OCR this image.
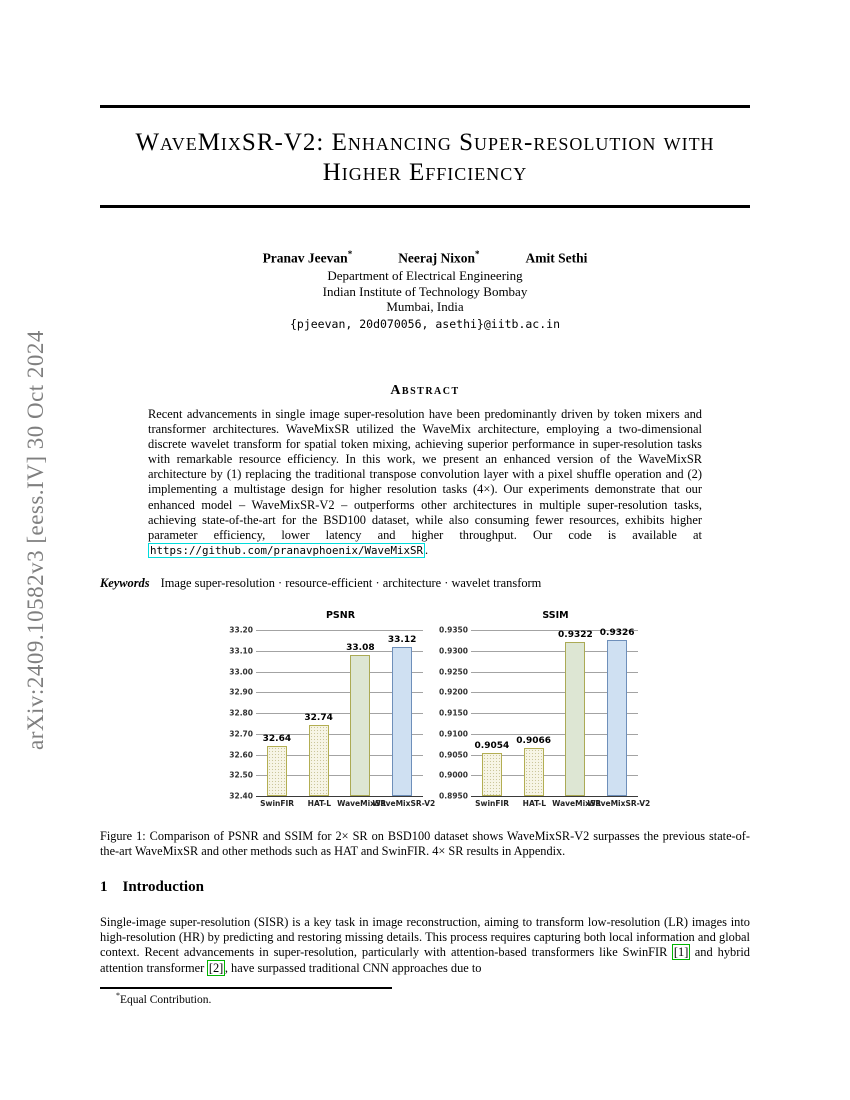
arXiv:2409.10582v3 [eess.IV] 30 Oct 2024
WaveMixSR-V2: Enhancing Super-resolution with
Higher Efficiency
Pranav Jeevan*	Neeraj Nixon*	Amit Sethi
Department of Electrical Engineering
Indian Institute of Technology Bombay
Mumbai, India
{pjeevan, 20d070056, asethi}@iitb.ac.in
Abstract
Recent advancements in single image super-resolution have been predominantly driven by token mixers and transformer architectures. WaveMixSR utilized the WaveMix architecture, employing a two-dimensional discrete wavelet transform for spatial token mixing, achieving superior performance in super-resolution tasks with remarkable resource efficiency. In this work, we present an enhanced version of the WaveMixSR architecture by (1) replacing the traditional transpose convolution layer with a pixel shuffle operation and (2) implementing a multistage design for higher resolution tasks (4×). Our experiments demonstrate that our enhanced model – WaveMixSR-V2 – outperforms other architectures in multiple super-resolution tasks, achieving state-of-the-art for the BSD100 dataset, while also consuming fewer resources, exhibits higher parameter efficiency, lower latency and higher throughput. Our code is available at https://github.com/pranavphoenix/WaveMixSR .
Keywords Image super-resolution · resource-efficient · architecture · wavelet transform
PSNR
32.40
32.50
32.60
32.70
32.80
32.90
33.00
33.10
33.20
32.64
32.74
33.08
33.12
SwinFIR HAT-L WaveMixSR
WaveMixSR-V2
SSIM
0.8950
0.9000
0.9050
0.9100
0.9150
0.9200
0.9250
0.9300
0.9350
0.9054 0.9066
0.9322 0.9326
SwinFIR HAT-L WaveMixSR
WaveMixSR-V2
Figure 1: Comparison of PSNR and SSIM for 2× SR on BSD100 dataset shows WaveMixSR-V2 surpasses the previous state-of-the-art WaveMixSR and other methods such as HAT and SwinFIR. 4× SR results in Appendix.
1 Introduction
Single-image super-resolution (SISR) is a key task in image reconstruction, aiming to transform low-resolution (LR) images into high-resolution (HR) by predicting and restoring missing details. This process requires capturing both local information and global context. Recent advancements in super-resolution, particularly with attention-based transformers like SwinFIR [1] and hybrid attention transformer [2] , have surpassed traditional CNN approaches due to
*Equal Contribution.
